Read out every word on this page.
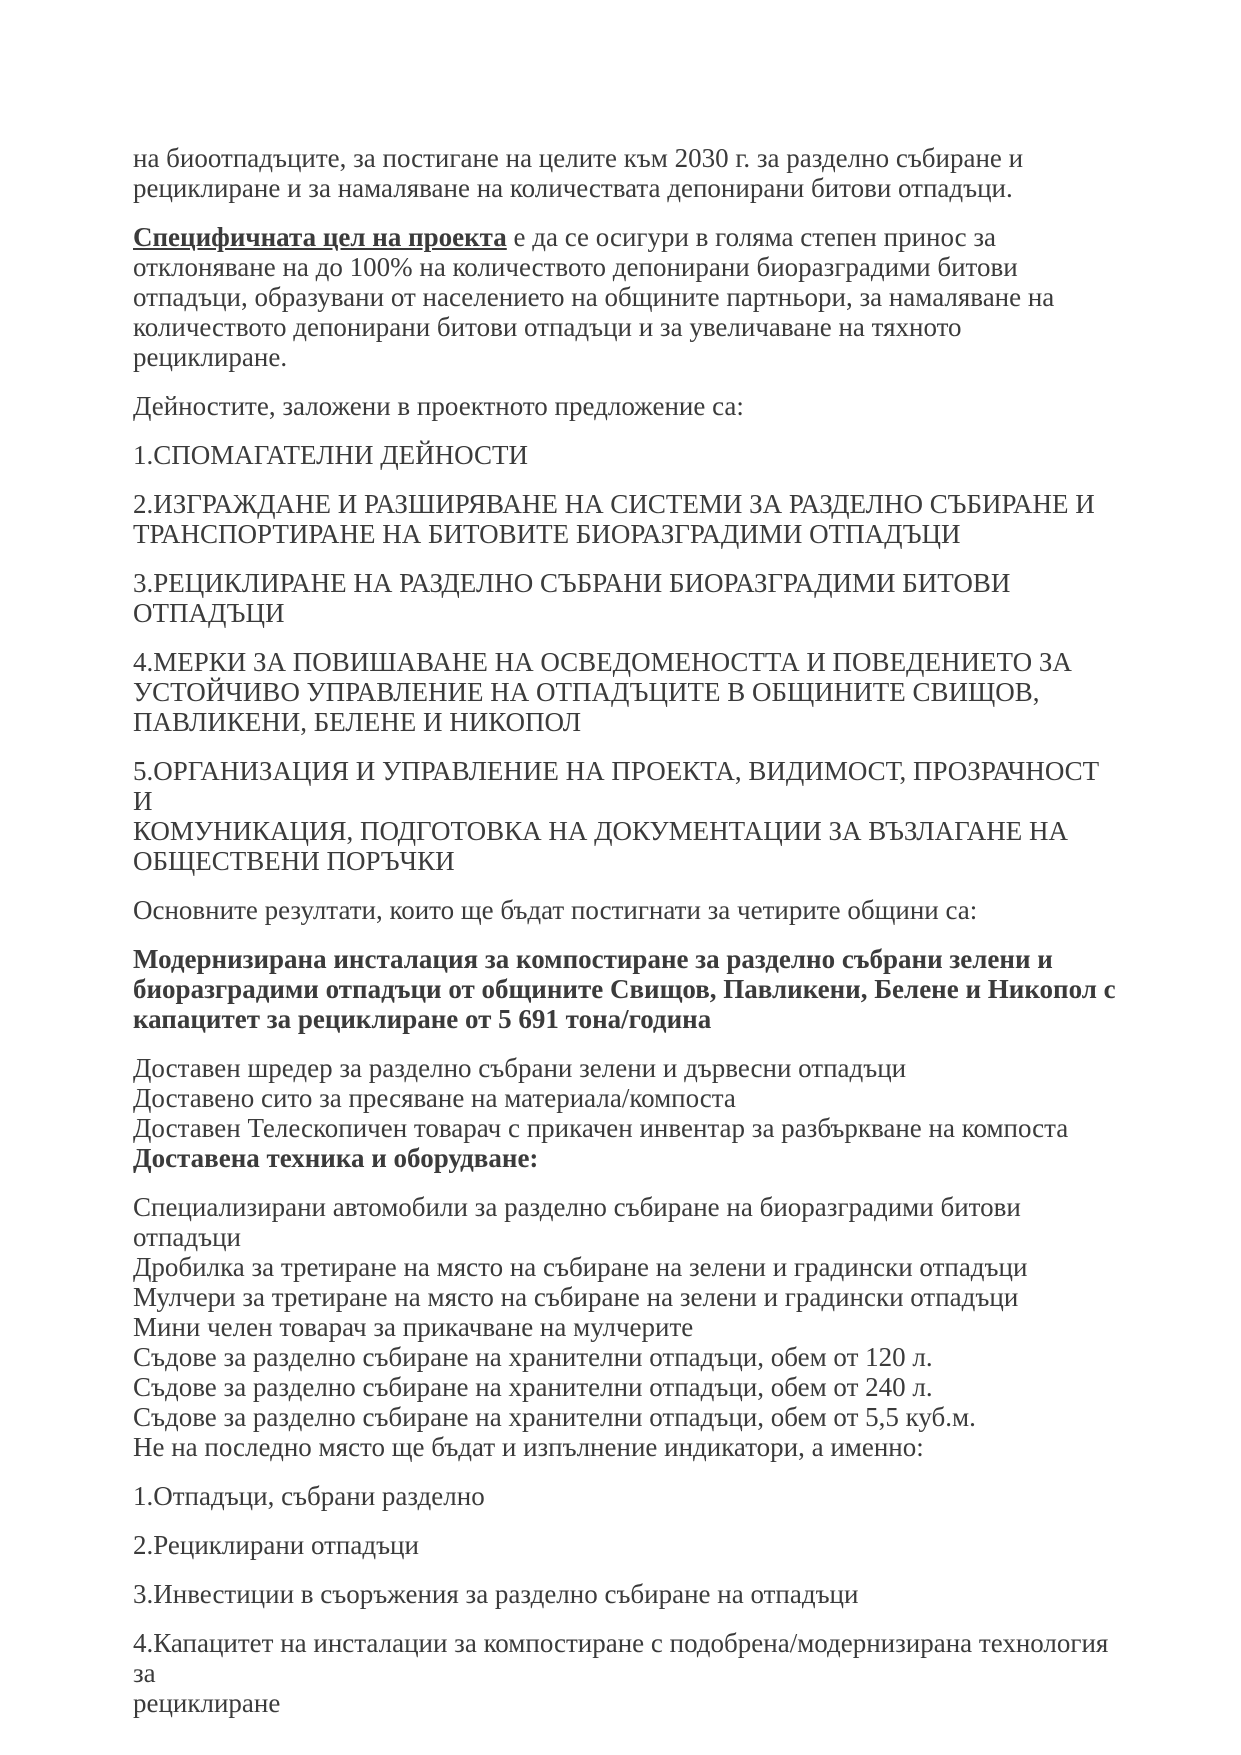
на биоотпадъците, за постигане на целите към 2030 г. за разделно събиране и рециклиране и за намаляване на количествата депонирани битови отпадъци.

Специфичната цел на проекта е да се осигури в голяма степен принос за отклоняване на до 100% на количеството депонирани биоразградими битови отпадъци, образувани от населението на общините партньори, за намаляване на количеството депонирани битови отпадъци и за увеличаване на тяхното рециклиране.

Дейностите, заложени в проектното предложение са:

1.СПОМАГАТЕЛНИ ДЕЙНОСТИ

2.ИЗГРАЖДАНЕ И РАЗШИРЯВАНЕ НА СИСТЕМИ ЗА РАЗДЕЛНО СЪБИРАНЕ И
ТРАНСПОРТИРАНЕ НА БИТОВИТЕ БИОРАЗГРАДИМИ ОТПАДЪЦИ

3.РЕЦИКЛИРАНЕ НА РАЗДЕЛНО СЪБРАНИ БИОРАЗГРАДИМИ БИТОВИ
ОТПАДЪЦИ

4.МЕРКИ ЗА ПОВИШАВАНЕ НА ОСВЕДОМЕНОСТТА И ПОВЕДЕНИЕТО ЗА
УСТОЙЧИВО УПРАВЛЕНИЕ НА ОТПАДЪЦИТЕ В ОБЩИНИТЕ СВИЩОВ,
ПАВЛИКЕНИ, БЕЛЕНЕ И НИКОПОЛ

5.ОРГАНИЗАЦИЯ И УПРАВЛЕНИЕ НА ПРОЕКТА, ВИДИМОСТ, ПРОЗРАЧНОСТ И
КОМУНИКАЦИЯ, ПОДГОТОВКА НА ДОКУМЕНТАЦИИ ЗА ВЪЗЛАГАНЕ НА
ОБЩЕСТВЕНИ ПОРЪЧКИ

Основните резултати, които ще бъдат постигнати за четирите общини са:

Модернизирана инсталация за компостиране за разделно събрани зелени и биоразградими отпадъци от общините Свищов, Павликени, Белене и Никопол с капацитет за рециклиране от 5 691 тона/година

Доставен шредер за разделно събрани зелени и дървесни отпадъци
Доставено сито за пресяване на материала/компоста
Доставен Телескопичен товарач с прикачен инвентар за разбъркване на компоста
Доставена техника и оборудване:

Специализирани автомобили за разделно събиране на биоразградими битови отпадъци
Дробилка за третиране на място на събиране на зелени и градински отпадъци
Мулчери за третиране на място на събиране на зелени и градински отпадъци
Мини челен товарач за прикачване на мулчерите
Съдове за разделно събиране на хранителни отпадъци, обем от 120 л.
Съдове за разделно събиране на хранителни отпадъци, обем от 240 л.
Съдове за разделно събиране на хранителни отпадъци, обем от 5,5 куб.м.
Не на последно място ще бъдат и изпълнение индикатори, а именно:

1.Отпадъци, събрани разделно

2.Рециклирани отпадъци

3.Инвестиции в съоръжения за разделно събиране на отпадъци

4.Капацитет на инсталации за компостиране с подобрена/модернизирана технология за
рециклиране
